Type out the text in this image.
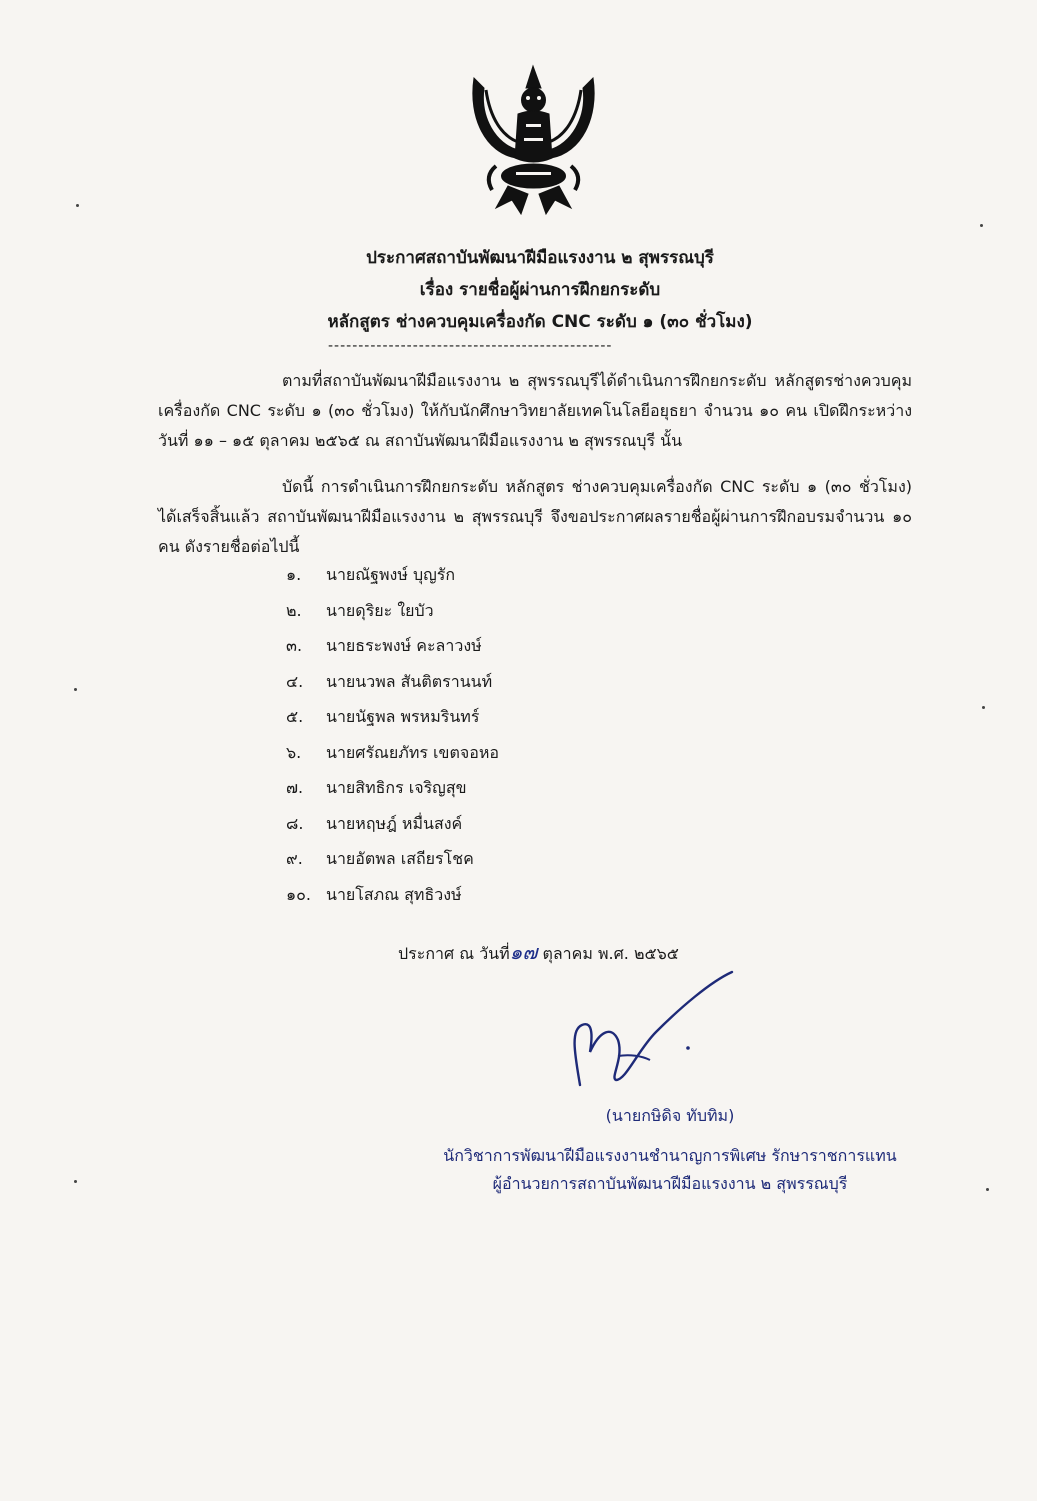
ประกาศสถาบันพัฒนาฝีมือแรงงาน ๒ สุพรรณบุรี
เรื่อง รายชื่อผู้ผ่านการฝึกยกระดับ
หลักสูตร ช่างควบคุมเครื่องกัด CNC ระดับ ๑ (๓๐ ชั่วโมง)
-----------------------------------------------
ตามที่สถาบันพัฒนาฝีมือแรงงาน ๒ สุพรรณบุรีได้ดำเนินการฝึกยกระดับ หลักสูตรช่างควบคุมเครื่องกัด CNC ระดับ ๑ (๓๐ ชั่วโมง) ให้กับนักศึกษาวิทยาลัยเทคโนโลยีอยุธยา จำนวน ๑๐ คน เปิดฝึกระหว่างวันที่ ๑๑ – ๑๕ ตุลาคม ๒๕๖๕ ณ สถาบันพัฒนาฝีมือแรงงาน ๒ สุพรรณบุรี นั้น
บัดนี้ การดำเนินการฝึกยกระดับ หลักสูตร ช่างควบคุมเครื่องกัด CNC ระดับ ๑ (๓๐ ชั่วโมง) ได้เสร็จสิ้นแล้ว สถาบันพัฒนาฝีมือแรงงาน ๒ สุพรรณบุรี จึงขอประกาศผลรายชื่อผู้ผ่านการฝึกอบรมจำนวน ๑๐ คน ดังรายชื่อต่อไปนี้
๑.	นายณัฐพงษ์ บุญรัก
๒.	นายดุริยะ ใยบัว
๓.	นายธระพงษ์ คะลาวงษ์
๔.	นายนวพล สันติตรานนท์
๕.	นายนัฐพล พรหมรินทร์
๖.	นายศรัณยภัทร เขตจอหอ
๗.	นายสิทธิกร เจริญสุข
๘.	นายหฤษฎ์ หมื่นสงค์
๙.	นายอัตพล เสถียรโชค
๑๐. นายโสภณ สุทธิวงษ์
ประกาศ ณ วันที่๑๗ ตุลาคม พ.ศ. ๒๕๖๕
(นายกษิดิจ ทับทิม)
นักวิชาการพัฒนาฝีมือแรงงานชำนาญการพิเศษ รักษาราชการแทน
ผู้อำนวยการสถาบันพัฒนาฝีมือแรงงาน ๒ สุพรรณบุรี
